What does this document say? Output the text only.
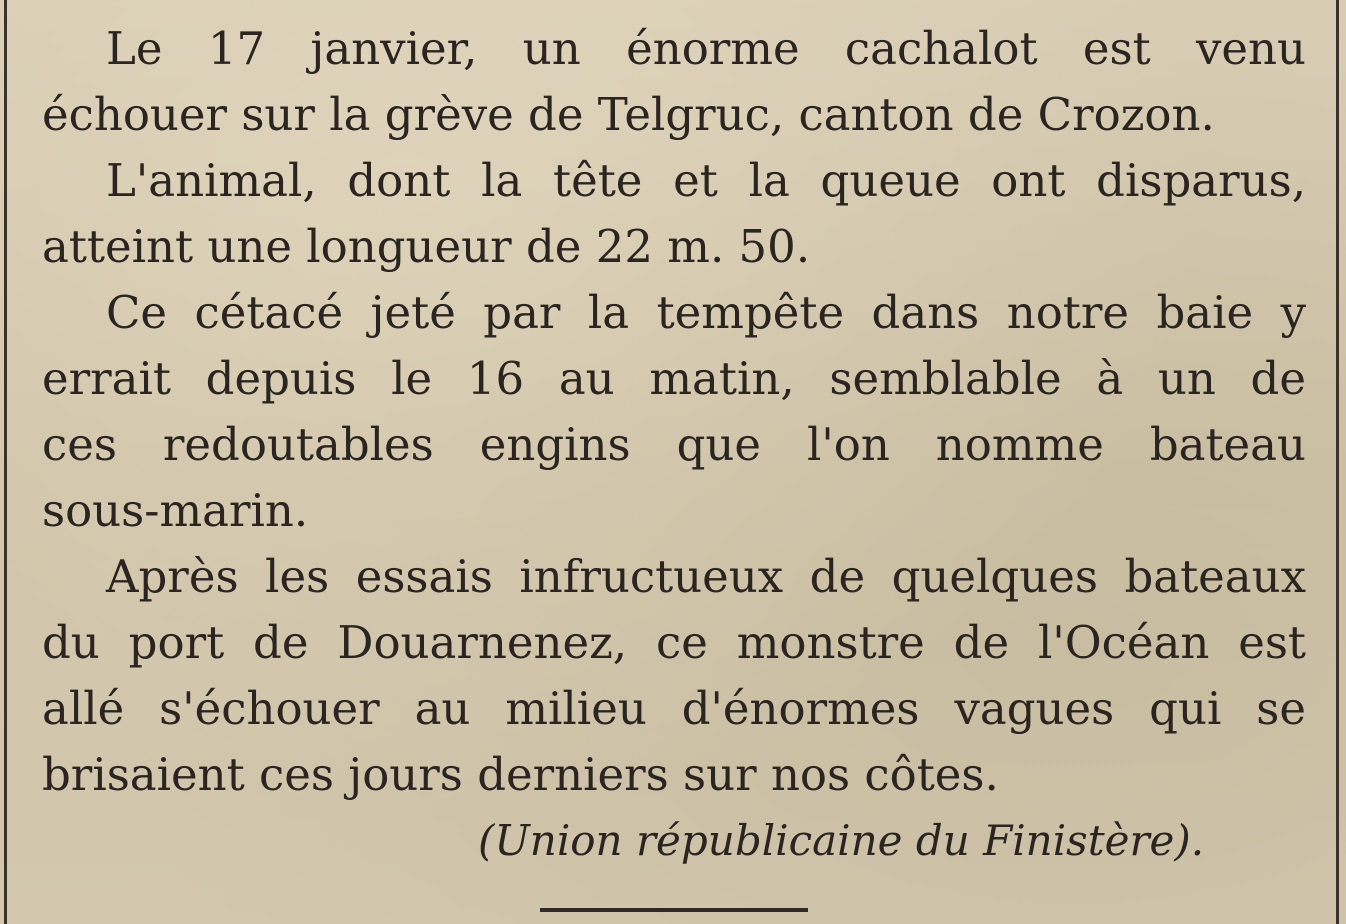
Le 17 janvier, un énorme cachalot est venu
échouer sur la grève de Telgruc, canton de Crozon.
L'animal, dont la tête et la queue ont disparus,
atteint une longueur de 22 m. 50.
Ce cétacé jeté par la tempête dans notre baie y
errait depuis le 16 au matin, semblable à un de
ces redoutables engins que l'on nomme bateau
sous-marin.
Après les essais infructueux de quelques bateaux
du port de Douarnenez, ce monstre de l'Océan est
allé s'échouer au milieu d'énormes vagues qui se
brisaient ces jours derniers sur nos côtes.
(Union républicaine du Finistère).
